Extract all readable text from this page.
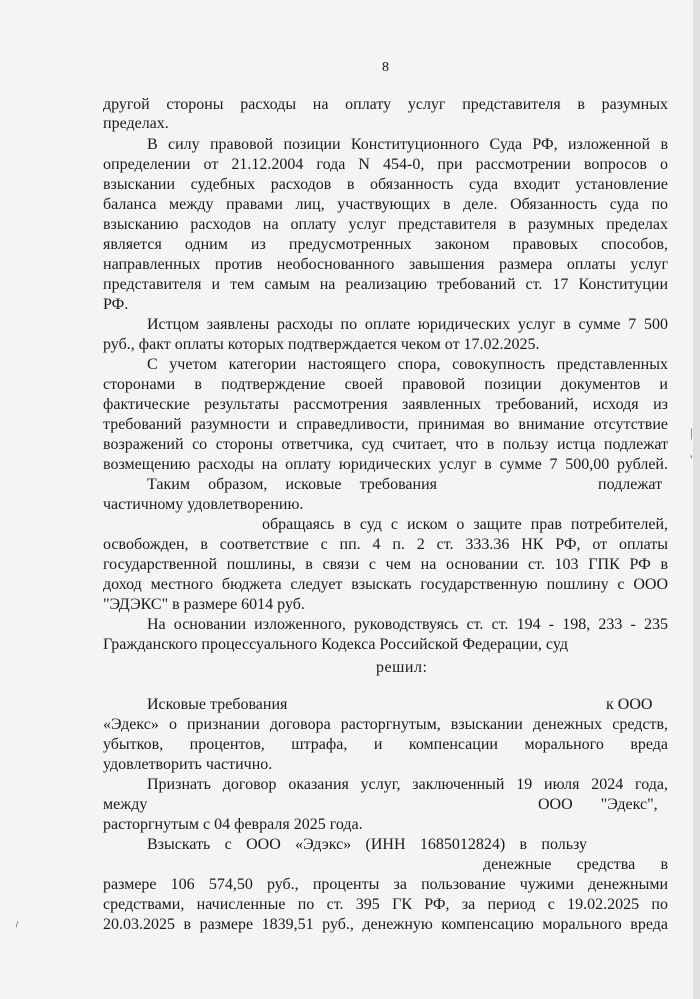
8
другой стороны расходы на оплату услуг представителя в разумных
пределах.
В силу правовой позиции Конституционного Суда РФ, изложенной в
определении от 21.12.2004 года N 454-0, при рассмотрении вопросов о
взыскании судебных расходов в обязанность суда входит установление
баланса между правами лиц, участвующих в деле. Обязанность суда по
взысканию расходов на оплату услуг представителя в разумных пределах
является одним из предусмотренных законом правовых способов,
направленных против необоснованного завышения размера оплаты услуг
представителя и тем самым на реализацию требований ст. 17 Конституции
РФ.
Истцом заявлены расходы по оплате юридических услуг в сумме 7 500
руб., факт оплаты которых подтверждается чеком от 17.02.2025.
С учетом категории настоящего спора, совокупность представленных
сторонами в подтверждение своей правовой позиции документов и
фактические результаты рассмотрения заявленных требований, исходя из
требований разумности и справедливости, принимая во внимание отсутствие
возражений со стороны ответчика, суд считает, что в пользу истца подлежат
возмещению расходы на оплату юридических услуг в сумме 7 500,00 рублей.
Таким образом, исковые требования	подлежат
частичному удовлетворению.
обращаясь в суд с иском о защите прав потребителей,
освобожден, в соответствие с пп. 4 п. 2 ст. 333.36 НК РФ, от оплаты
государственной пошлины, в связи с чем на основании ст. 103 ГПК РФ в
доход местного бюджета следует взыскать государственную пошлину с ООО
"ЭДЭКС" в размере 6014 руб.
На основании изложенного, руководствуясь ст. ст. 194 - 198, 233 - 235
Гражданского процессуального Кодекса Российской Федерации, суд
решил:
Исковые требования	к ООО
«Эдекс» о признании договора расторгнутым, взыскании денежных средств,
убытков, процентов, штрафа, и компенсации морального вреда
удовлетворить частично.
Признать договор оказания услуг, заключенный 19 июля 2024 года,
между	ООО "Эдекс",
расторгнутым с 04 февраля 2025 года.
Взыскать с ООО «Эдэкс» (ИНН 1685012824) в пользу
денежные средства в
размере 106 574,50 руб., проценты за пользование чужими денежными
средствами, начисленные по ст. 395 ГК РФ, за период с 19.02.2025 по
20.03.2025 в размере 1839,51 руб., денежную компенсацию морального вреда
|
'
⸝
